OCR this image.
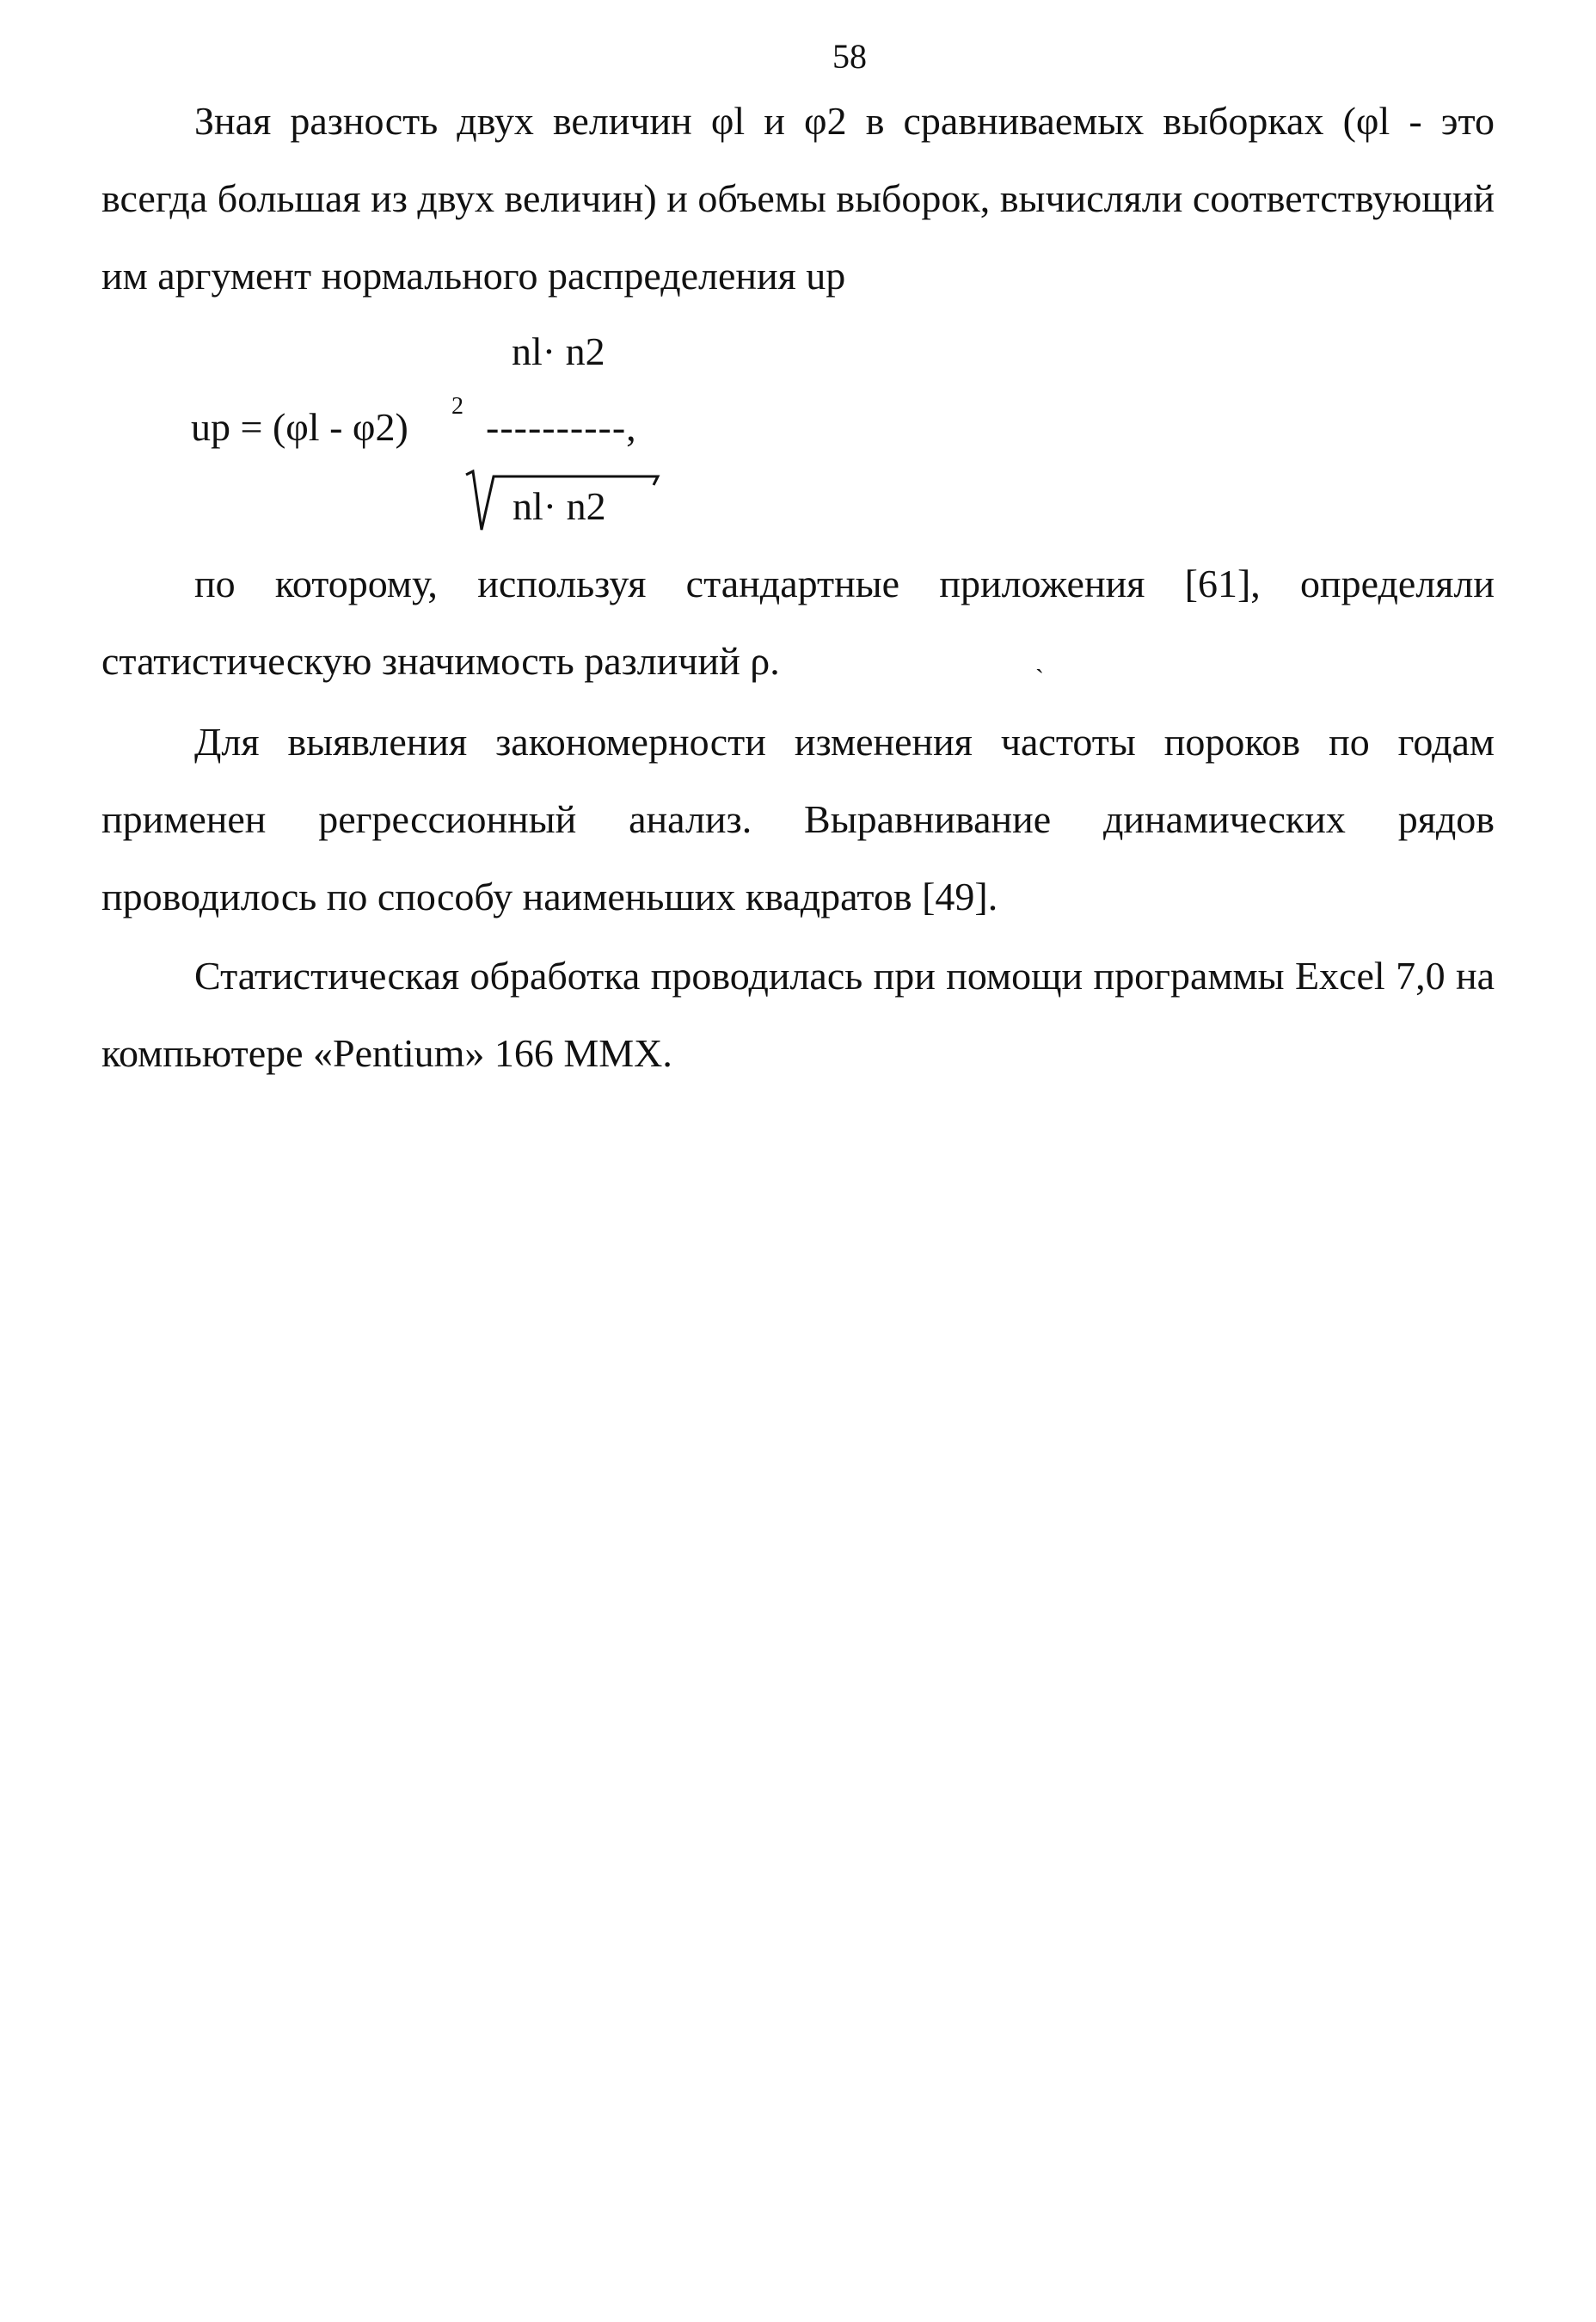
58

Зная разность двух величин φl и φ2 в сравниваемых выборках (φl - это всегда большая из двух величин) и объемы выборок, вычисляли соответствующий им аргумент нормального распределения up

nl· n2
up = (φl - φ2) 2 ----------,
nl· n2

по которому, используя стандартные приложения [61], определяли статистическую значимость различий ρ.	ˏ

Для выявления закономерности изменения частоты пороков по годам применен регрессионный анализ. Выравнивание динамических рядов проводилось по способу наименьших квадратов [49].

Статистическая обработка проводилась при помощи программы Excel 7,0 на компьютере «Pentium» 166 MMX.
